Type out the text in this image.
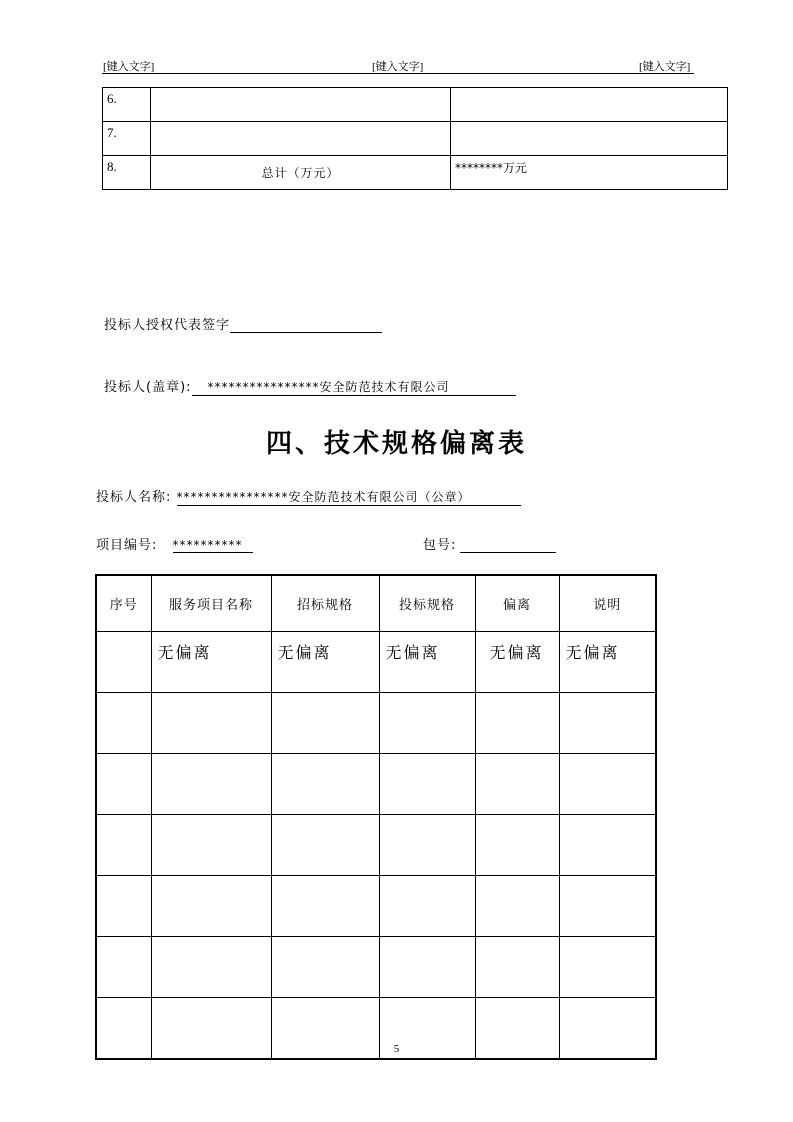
[键入文字]	[键入文字]	[键入文字]
6.		
7.		
8.	总计（万元）	********万元
投标人授权代表签字
投标人(盖章): ****************安全防范技术有限公司
四、技术规格偏离表
投标人名称: ****************安全防范技术有限公司（公章）
项目编号: **********	包号:
序号	服务项目名称	招标规格	投标规格	偏离	说明
	无偏离	无偏离	无偏离	无偏离	无偏离

5
